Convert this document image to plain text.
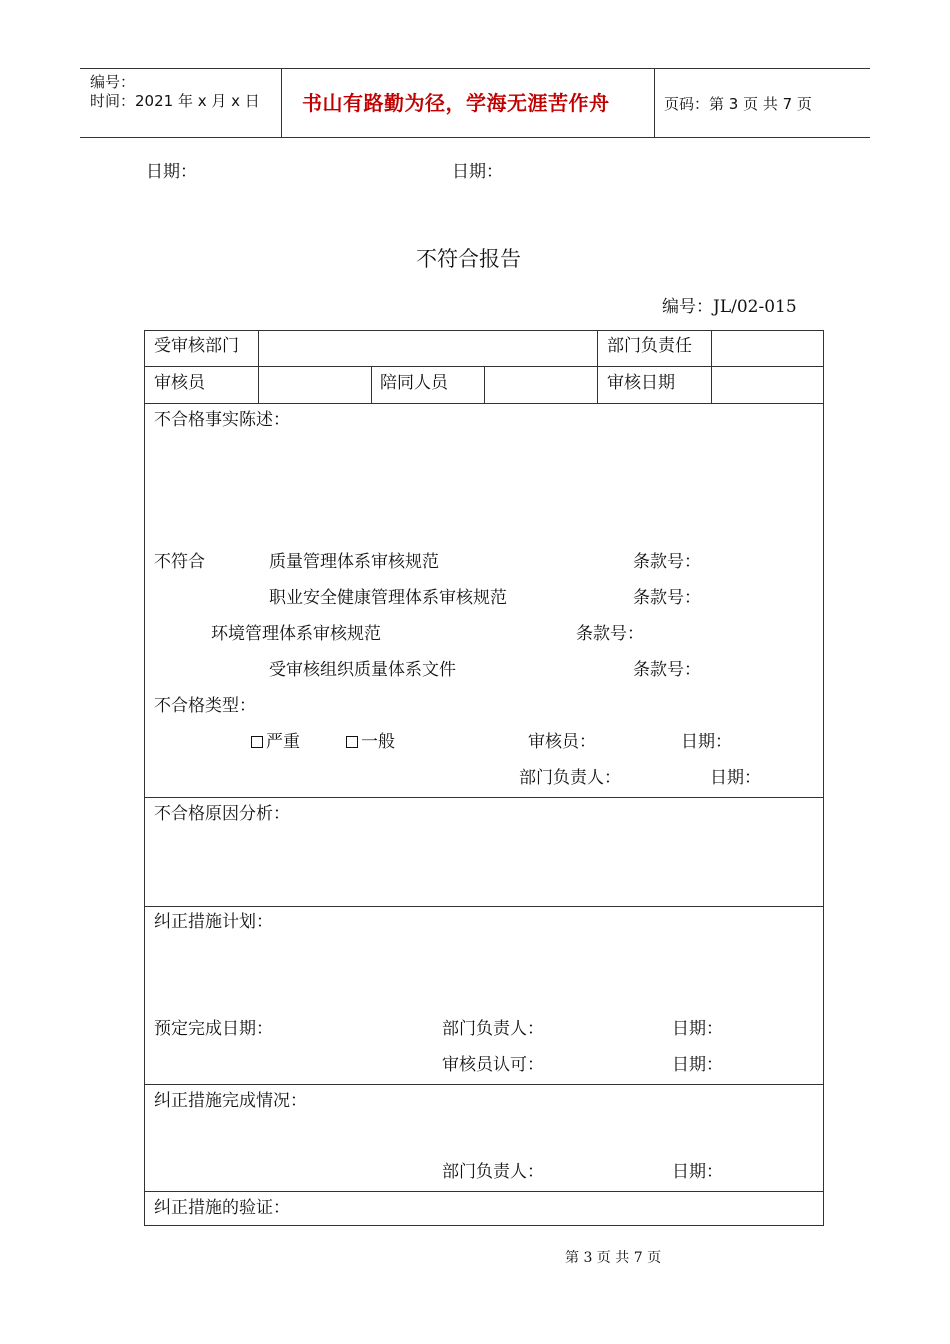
编号：
时间：2021 年 x 月 x 日 书山有路勤为径，学海无涯苦作舟	页码：第 3 页 共 7 页
日期：	日期：
不符合报告
编号：JL/02-015
受审核部门	部门负责任
审核员	陪同人员	审核日期
不合格事实陈述：
不符合	质量管理体系审核规范	条款号：
职业安全健康管理体系审核规范	条款号：
环境管理体系审核规范	条款号：
受审核组织质量体系文件	条款号：
不合格类型：
严重	一般	审核员：	日期：
部门负责人：	日期：
不合格原因分析：
纠正措施计划：
预定完成日期：	部门负责人：	日期：
审核员认可：	日期：
纠正措施完成情况：
部门负责人：	日期：
纠正措施的验证：
第 3 页 共 7 页
